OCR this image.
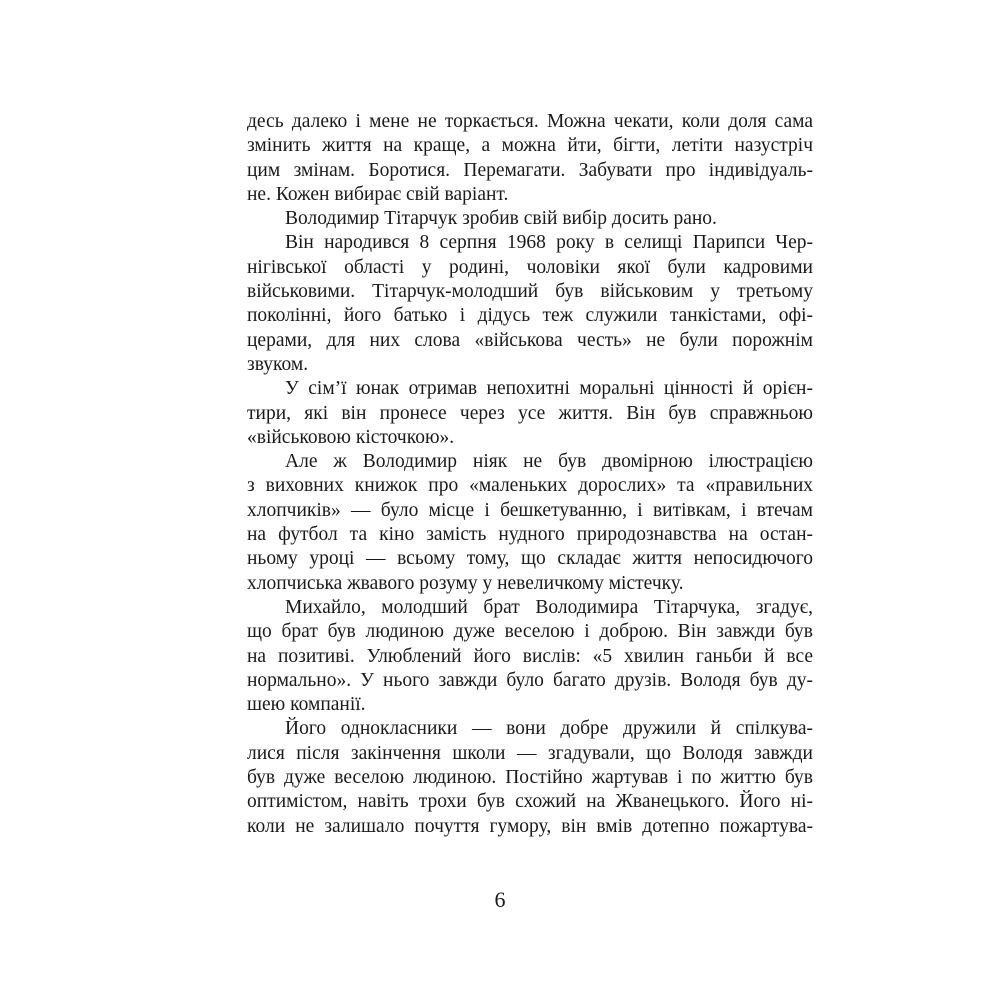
десь далеко і мене не торкається. Можна чекати, коли доля сама
змінить життя на краще, а можна йти, бігти, летіти назустріч
цим змінам. Боротися. Перемагати. Забувати про індивідуаль-
не. Кожен вибирає свій варіант.
Володимир Тітарчук зробив свій вибір досить рано.
Він народився 8 серпня 1968 року в селищі Парипси Чер-
нігівської області у родині, чоловіки якої були кадровими
військовими. Тітарчук-молодший був військовим у третьому
поколінні, його батько і дідусь теж служили танкістами, офі-
церами, для них слова «військова честь» не були порожнім
звуком.
У сім’ї юнак отримав непохитні моральні цінності й орієн-
тири, які він пронесе через усе життя. Він був справжньою
«військовою кісточкою».
Але ж Володимир ніяк не був двомірною ілюстрацією
з виховних книжок про «маленьких дорослих» та «правильних
хлопчиків» — було місце і бешкетуванню, і витівкам, і втечам
на футбол та кіно замість нудного природознавства на остан-
ньому уроці — всьому тому, що складає життя непосидючого
хлопчиська жвавого розуму у невеличкому містечку.
Михайло, молодший брат Володимира Тітарчука, згадує,
що брат був людиною дуже веселою і доброю. Він завжди був
на позитиві. Улюблений його вислів: «5 хвилин ганьби й все
нормально». У нього завжди було багато друзів. Володя був ду-
шею компанії.
Його однокласники — вони добре дружили й спілкува-
лися після закінчення школи — згадували, що Володя завжди
був дуже веселою людиною. Постійно жартував і по життю був
оптимістом, навіть трохи був схожий на Жванецького. Його ні-
коли не залишало почуття гумору, він вмів дотепно пожартува-
6
